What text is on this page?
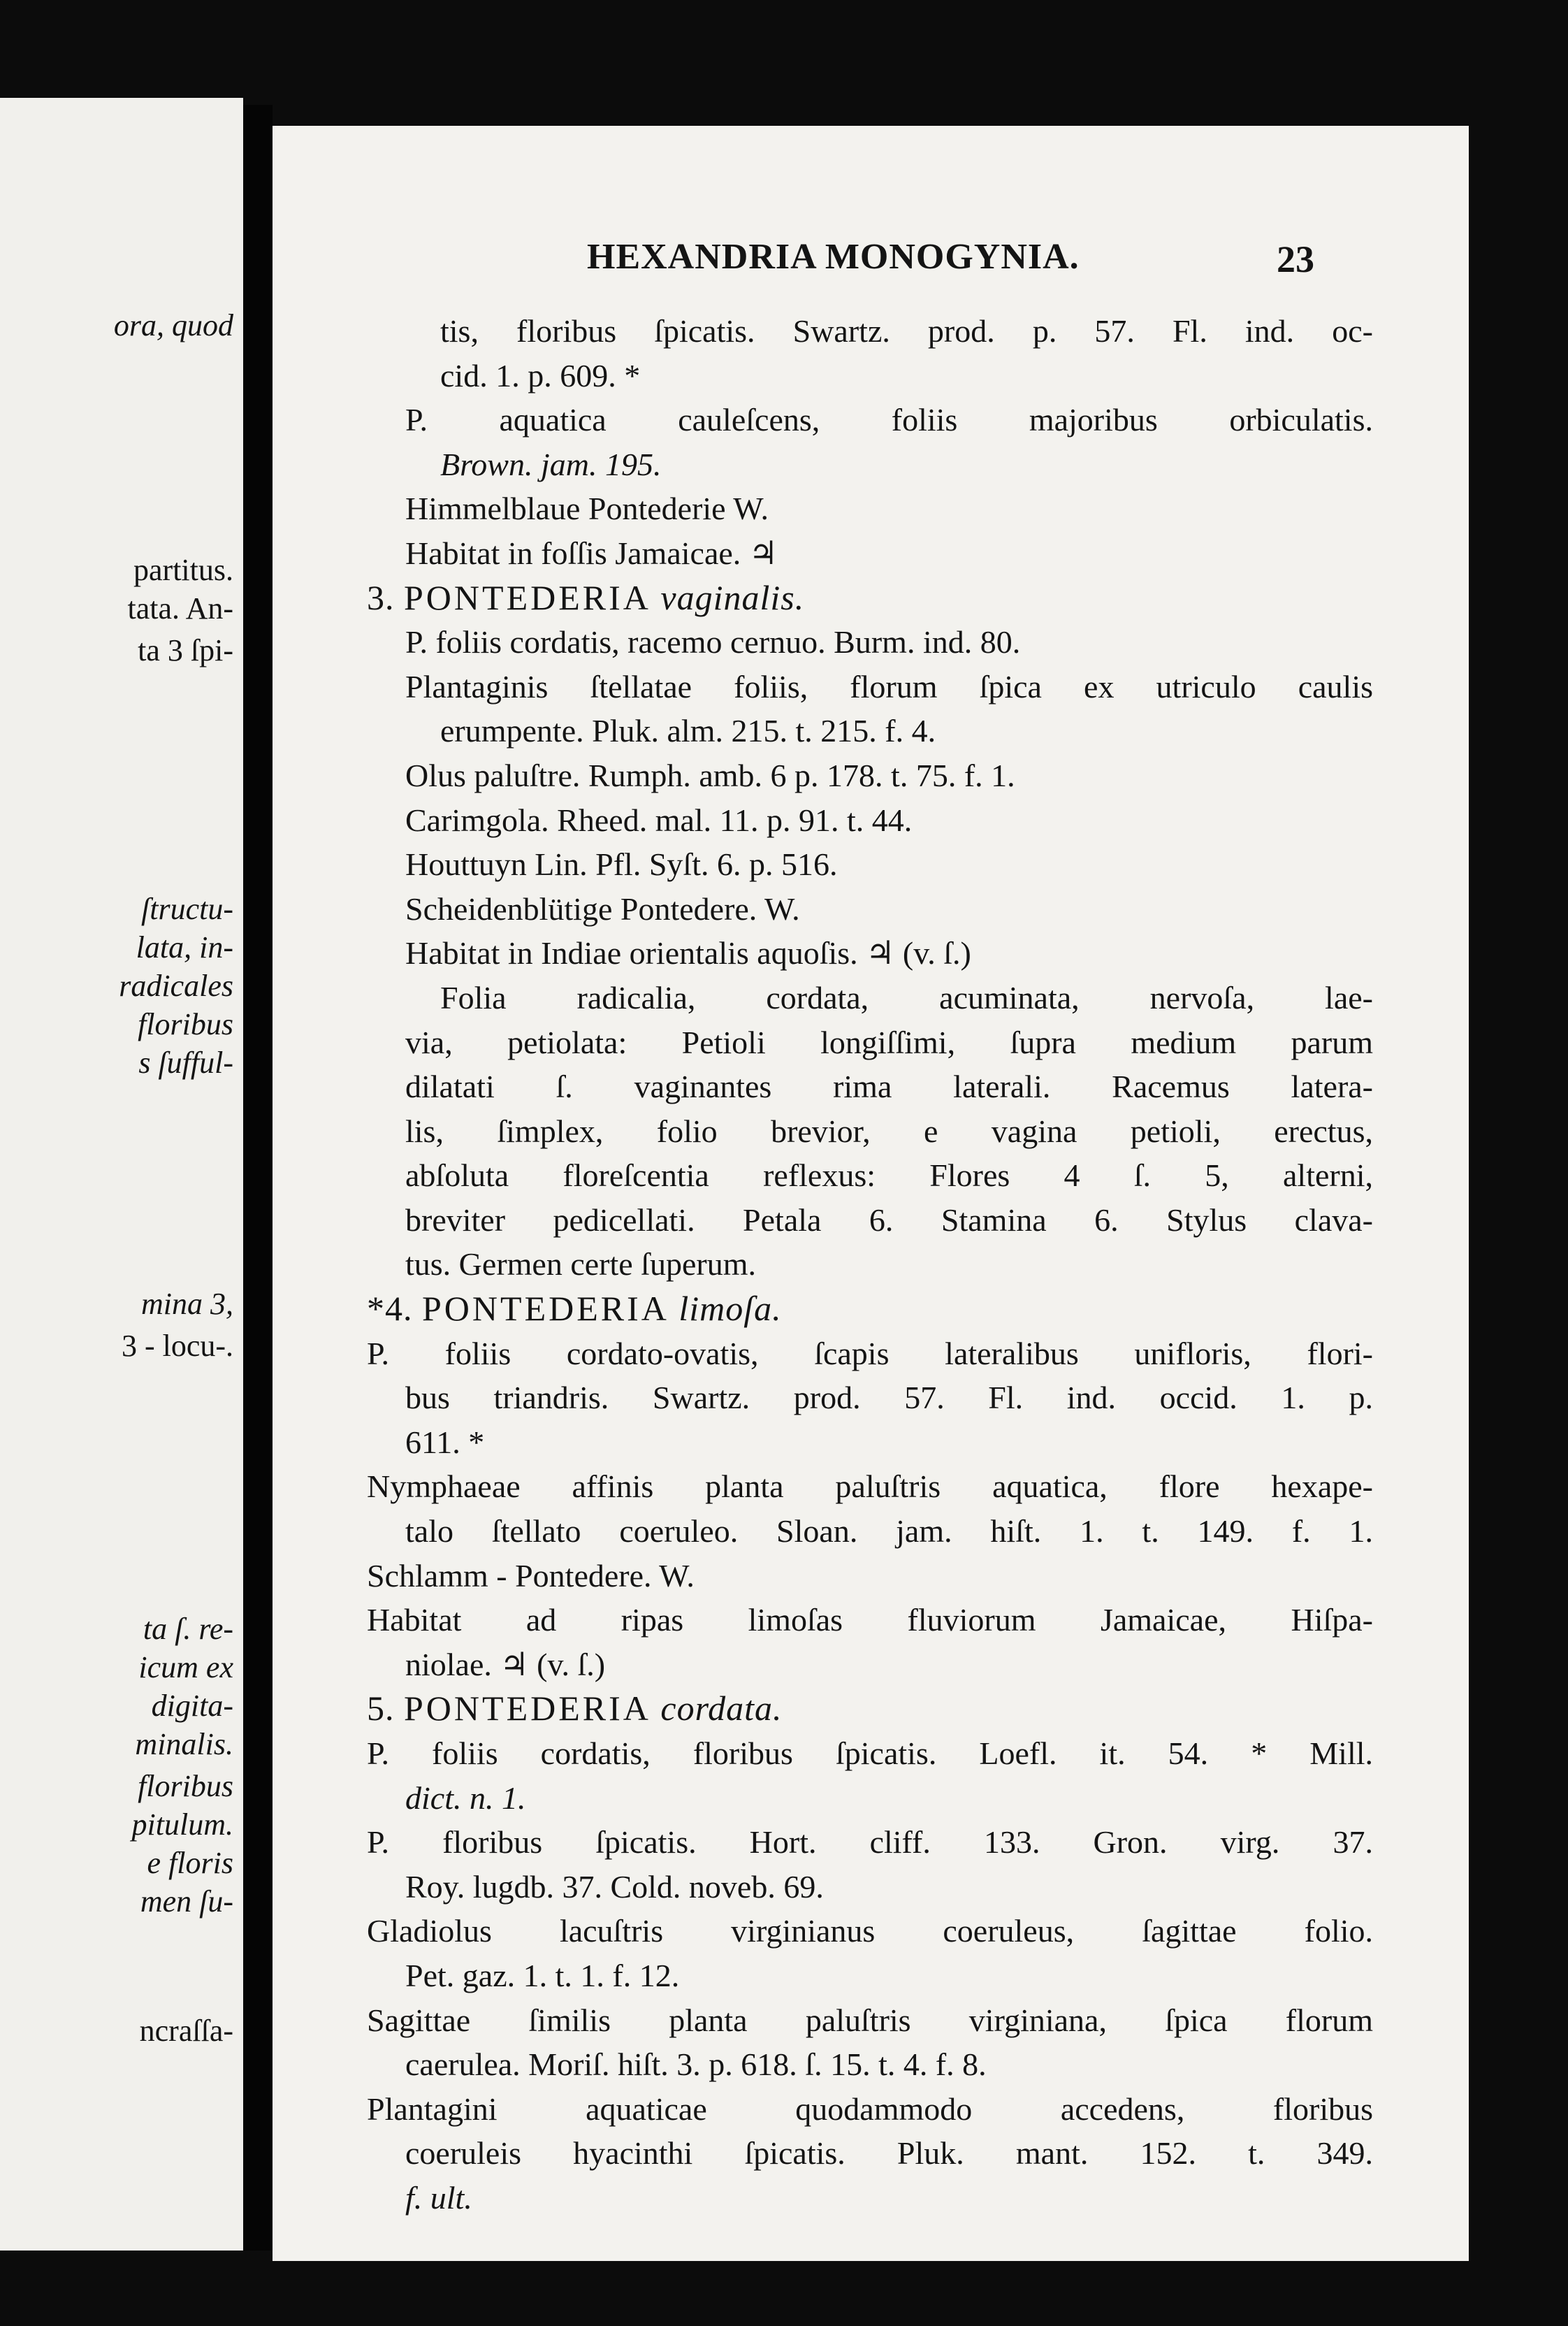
ora, quod
partitus.
tata. An-
ta 3 ſpi-
ſtructu-
lata, in-
radicales
floribus
s ſufful-
mina 3,
3 - locu-.
ta ſ. re-
icum ex
digita-
minalis.
floribus
pitulum.
e floris
men ſu-
ncraſſa-
HEXANDRIA MONOGYNIA.	23
tis, floribus ſpicatis. Swartz. prod. p. 57. Fl. ind. oc-
cid. 1. p. 609. *
P. aquatica cauleſcens, foliis majoribus orbiculatis.
Brown. jam. 195.
Himmelblaue Pontederie W.
Habitat in foſſis Jamaicae. ♃
3. PONTEDERIA vaginalis.
P. foliis cordatis, racemo cernuo. Burm. ind. 80.
Plantaginis ſtellatae foliis, florum ſpica ex utriculo caulis
erumpente. Pluk. alm. 215. t. 215. f. 4.
Olus paluſtre. Rumph. amb. 6 p. 178. t. 75. f. 1.
Carimgola. Rheed. mal. 11. p. 91. t. 44.
Houttuyn Lin. Pfl. Syſt. 6. p. 516.
Scheidenblütige Pontedere. W.
Habitat in Indiae orientalis aquoſis. ♃ (v. ſ.)
Folia radicalia, cordata, acuminata, nervoſa, lae-
via, petiolata: Petioli longiſſimi, ſupra medium parum
dilatati ſ. vaginantes rima laterali. Racemus latera-
lis, ſimplex, folio brevior, e vagina petioli, erectus,
abſoluta floreſcentia reflexus: Flores 4 ſ. 5, alterni,
breviter pedicellati. Petala 6. Stamina 6. Stylus clava-
tus. Germen certe ſuperum.
*4. PONTEDERIA limoſa.
P. foliis cordato-ovatis, ſcapis lateralibus unifloris, flori-
bus triandris. Swartz. prod. 57. Fl. ind. occid. 1. p.
611. *
Nymphaeae affinis planta paluſtris aquatica, flore hexape-
talo ſtellato coeruleo. Sloan. jam. hiſt. 1. t. 149. f. 1.
Schlamm - Pontedere. W.
Habitat ad ripas limoſas fluviorum Jamaicae, Hiſpa-
niolae. ♃ (v. ſ.)
5. PONTEDERIA cordata.
P. foliis cordatis, floribus ſpicatis. Loefl. it. 54. * Mill.
dict. n. 1.
P. floribus ſpicatis. Hort. cliff. 133. Gron. virg. 37.
Roy. lugdb. 37. Cold. noveb. 69.
Gladiolus lacuſtris virginianus coeruleus, ſagittae folio.
Pet. gaz. 1. t. 1. f. 12.
Sagittae ſimilis planta paluſtris virginiana, ſpica florum
caerulea. Moriſ. hiſt. 3. p. 618. ſ. 15. t. 4. f. 8.
Plantagini aquaticae quodammodo accedens, floribus
coeruleis hyacinthi ſpicatis. Pluk. mant. 152. t. 349.
f. ult.
